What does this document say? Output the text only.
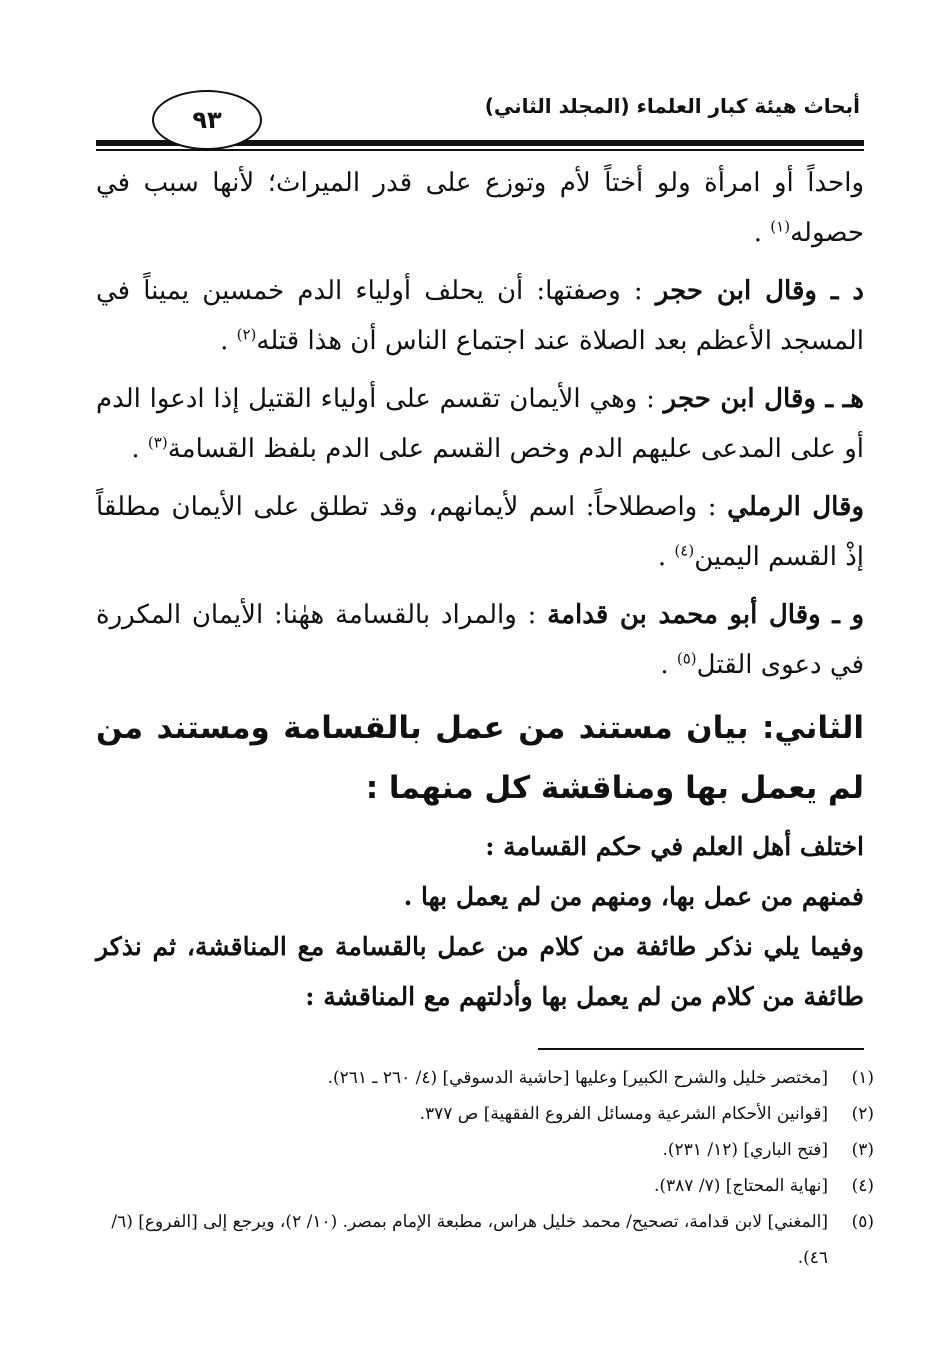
أبحاث هيئة كبار العلماء (المجلد الثاني)
٩٣

واحداً أو امرأة ولو أختاً لأم وتوزع على قدر الميراث؛ لأنها سبب في حصوله$^{(١)}$ .

د ـ وقال ابن حجر : وصفتها: أن يحلف أولياء الدم خمسين يميناً في المسجد الأعظم بعد الصلاة عند اجتماع الناس أن هذا قتله$^{(٢)}$ .

هـ ـ وقال ابن حجر : وهي الأيمان تقسم على أولياء القتيل إذا ادعوا الدم أو على المدعى عليهم الدم وخص القسم على الدم بلفظ القسامة$^{(٣)}$ .

وقال الرملي : واصطلاحاً: اسم لأيمانهم، وقد تطلق على الأيمان مطلقاً إذْ القسم اليمين$^{(٤)}$ .

و ـ وقال أبو محمد بن قدامة : والمراد بالقسامة ههٰنا: الأيمان المكررة في دعوى القتل$^{(٥)}$ .

الثاني: بيان مستند من عمل بالقسامة ومستند من لم يعمل بها ومناقشة كل منهما :

اختلف أهل العلم في حكم القسامة :

فمنهم من عمل بها، ومنهم من لم يعمل بها .

وفيما يلي نذكر طائفة من كلام من عمل بالقسامة مع المناقشة، ثم نذكر طائفة من كلام من لم يعمل بها وأدلتهم مع المناقشة :

(١)
[مختصر خليل والشرح الكبير] وعليها [حاشية الدسوقي] (٤/ ٢٦٠ ـ ٢٦١).
(٢)
[قوانين الأحكام الشرعية ومسائل الفروع الفقهية] ص ٣٧٧.
(٣)
[فتح الباري] (١٢/ ٢٣١).
(٤)
[نهاية المحتاج] (٧/ ٣٨٧).
(٥)
[المغني] لابن قدامة، تصحيح/ محمد خليل هراس، مطبعة الإمام بمصر. (١٠/ ٢)، ويرجع إلى [الفروع] (٦/ ٤٦).
